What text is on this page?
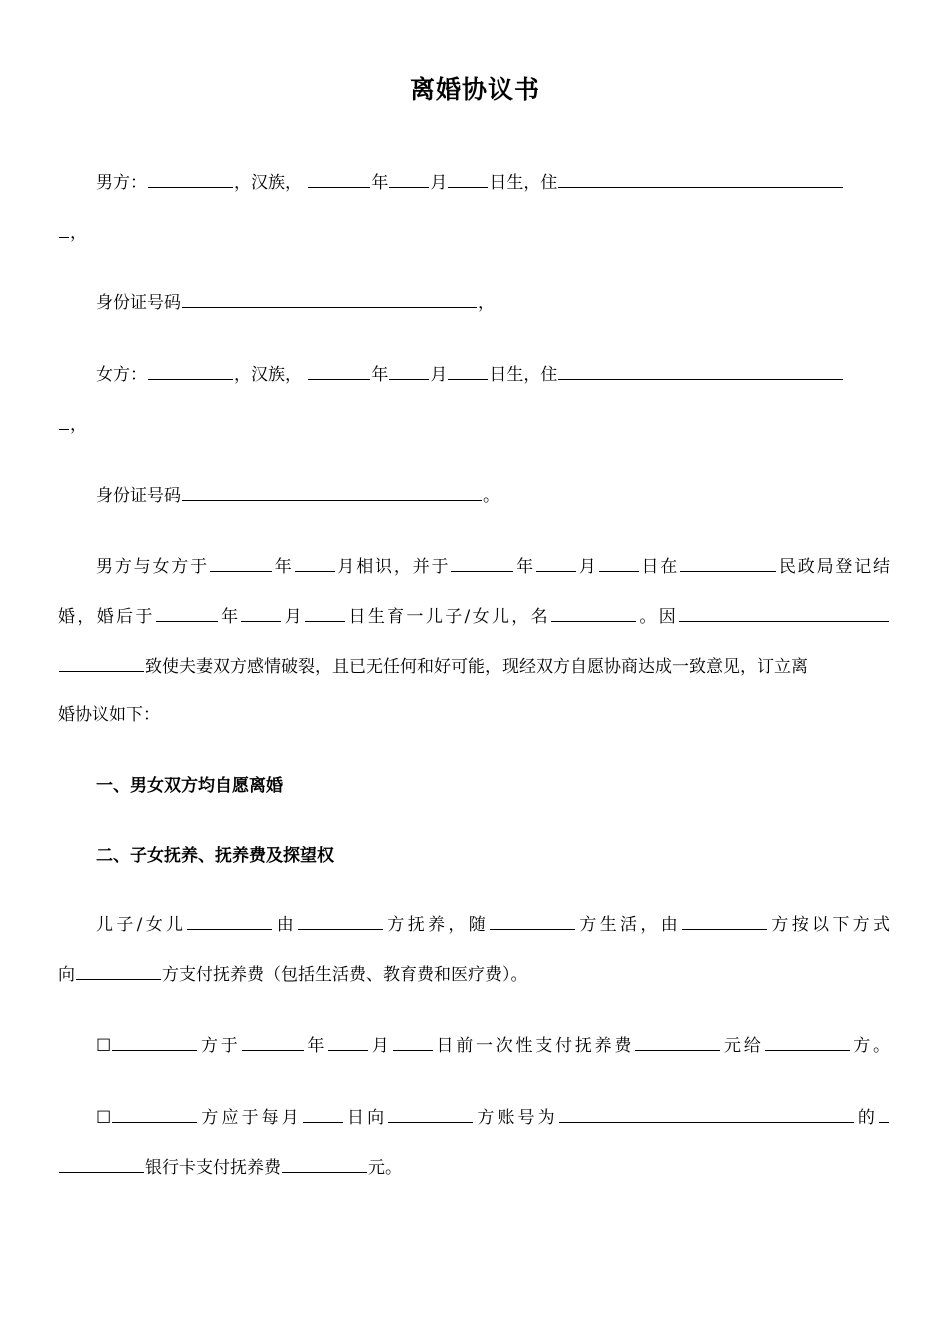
离婚协议书
男方：	，汉族，	年 月 日生，住
，
身份证号码	，
女方：	，汉族，	年 月 日生，住
，
身份证号码	。
男方与女方于	年 月相识，并于	年 月 日在	民政局登记结
婚，婚后于	年 月 日生育一儿子/女儿，名	。因
致使夫妻双方感情破裂，且已无任何和好可能，现经双方自愿协商达成一致意见，订立离
婚协议如下：
一、男女双方均自愿离婚
二、子女抚养、抚养费及探望权
儿子/女儿	由	方抚养，随	方生活，由	方按以下方式
向	方支付抚养费（包括生活费、教育费和医疗费）。
☐	方于	年 月 日前一次性支付抚养费	元给	方。
☐	方应于每月 日向	方账号为	的
银行卡支付抚养费	元。
